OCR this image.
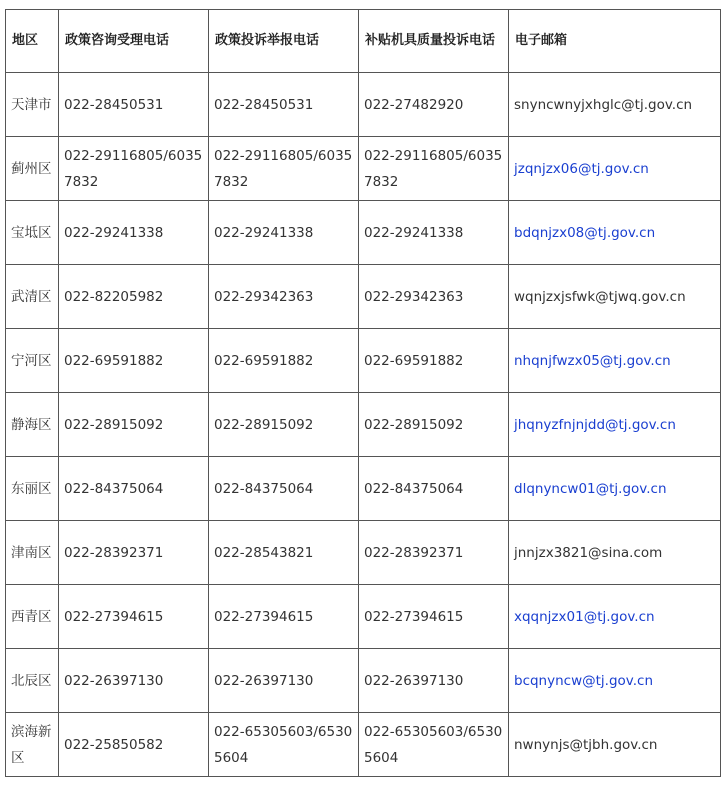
地区	政策咨询受理电话	政策投诉举报电话	补贴机具质量投诉电话	电子邮箱
天津市	022-28450531	022-28450531	022-27482920	snyncwnyjxhglc@tj.gov.cn
蓟州区	022-29116805/60357832	022-29116805/60357832	022-29116805/60357832	jzqnjzx06@tj.gov.cn
宝坻区	022-29241338	022-29241338	022-29241338	bdqnjzx08@tj.gov.cn
武清区	022-82205982	022-29342363	022-29342363	wqnjzxjsfwk@tjwq.gov.cn
宁河区	022-69591882	022-69591882	022-69591882	nhqnjfwzx05@tj.gov.cn
静海区	022-28915092	022-28915092	022-28915092	jhqnyzfnjnjdd@tj.gov.cn
东丽区	022-84375064	022-84375064	022-84375064	dlqnyncw01@tj.gov.cn
津南区	022-28392371	022-28543821	022-28392371	jnnjzx3821@sina.com
西青区	022-27394615	022-27394615	022-27394615	xqqnjzx01@tj.gov.cn
北辰区	022-26397130	022-26397130	022-26397130	bcqnyncw@tj.gov.cn
滨海新区	022-25850582	022-65305603/65305604	022-65305603/65305604	nwnynjs@tjbh.gov.cn
